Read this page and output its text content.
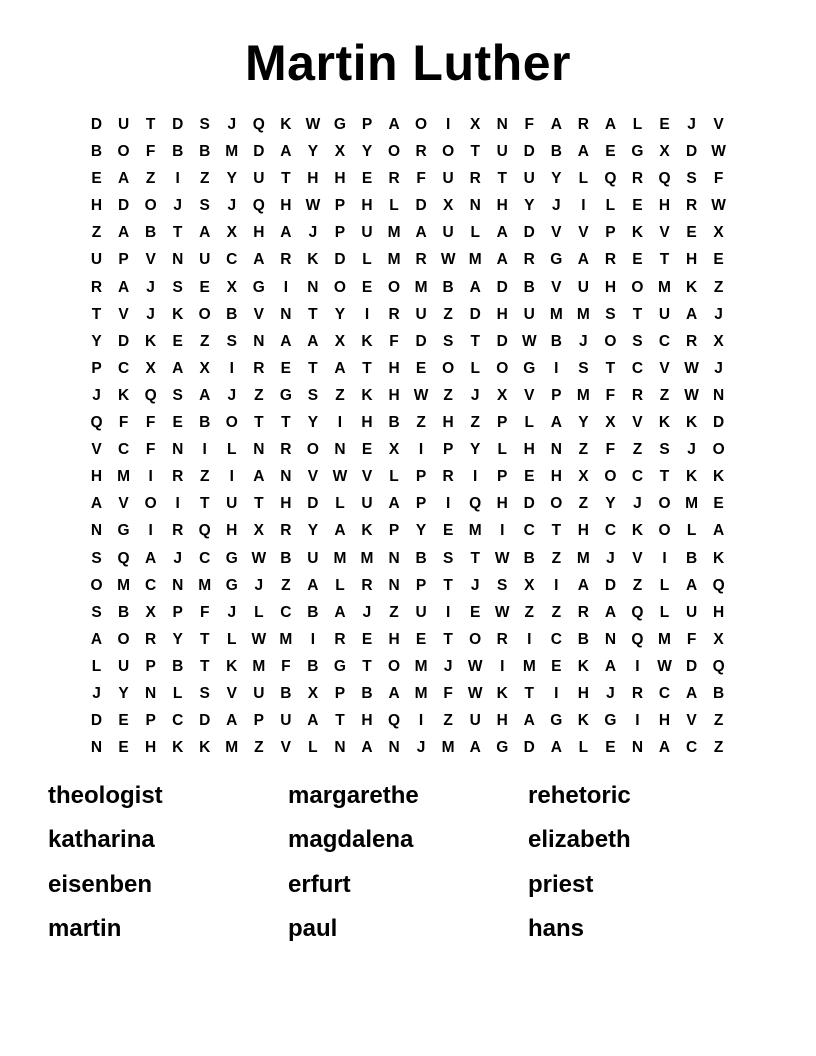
Martin Luther
D	U	T	D	S	J	Q K W G	P	A O	I	X	N	F	A	R	A	L	E	J	V
B O	F	B	B M D	A	Y	X	Y	O R O	T	U	D	B	A	E	G	X	D W
E	A	Z	I	Z	Y	U	T	H	H	E	R	F	U	R	T	U	Y	L	Q R Q	S	F
H	D O	J	S	J	Q H W P	H	L	D	X	N	H	Y	J	I	L	E	H	R W
Z	A	B	T	A	X	H	A	J	P	U M A	U	L	A	D	V	V	P	K	V	E	X
U	P	V	N	U	C	A	R	K	D	L	M R W M A	R G A	R	E	T	H	E
R	A	J	S	E	X	G	I	N O	E	O M B	A	D	B	V	U	H O M K	Z
T	V	J	K O B	V	N	T	Y	I	R	U	Z	D	H	U M M S	T	U	A	J
Y	D	K	E	Z	S	N	A	A	X	K	F	D	S	T	D W B	J	O	S	C	R	X
P	C	X	A	X	I	R	E	T	A	T	H	E	O	L	O G	I	S	T	C	V W J
J	K Q	S	A	J	Z	G	S	Z	K	H W Z	J	X	V	P M	F	R	Z W N
Q	F	F	E	B O	T	T	Y	I	H	B	Z	H	Z	P	L	A	Y	X	V	K	K	D
V	C	F	N	I	L	N	R O N	E	X	I	P	Y	L	H	N	Z	F	Z	S	J	O
H M	I	R	Z	I	A	N	V W V	L	P	R	I	P	E	H	X	O C	T	K	K
A	V	O	I	T	U	T	H	D	L	U	A	P	I	Q H	D O	Z	Y	J	O M E
N G	I	R Q H	X	R	Y	A	K	P	Y	E M	I	C	T	H	C	K O	L	A
S	Q A	J	C G W B	U M M N	B	S	T W B	Z	M	J	V	I	B	K
O M C	N M G	J	Z	A	L	R	N	P	T	J	S	X	I	A	D	Z	L	A Q
S	B	X	P	F	J	L	C	B	A	J	Z	U	I	E W Z	Z	R	A Q	L	U	H
A O R	Y	T	L W M	I	R	E	H	E	T	O R	I	C	B	N Q M	F	X
L	U	P	B	T	K M	F	B G	T	O M	J W	I	M E	K	A	I	W D Q
J	Y	N	L	S	V	U	B	X	P	B	A M	F W K	T	I	H	J	R	C	A	B
D	E	P	C	D	A	P	U	A	T	H Q	I	Z	U	H	A G K G	I	H	V	Z
N	E	H	K	K M	Z	V	L	N	A	N	J	M A G D	A	L	E	N	A	C	Z
theologist	margarethe	rehetoric
katharina	magdalena	elizabeth
eisenben	erfurt	priest
martin	paul	hans
